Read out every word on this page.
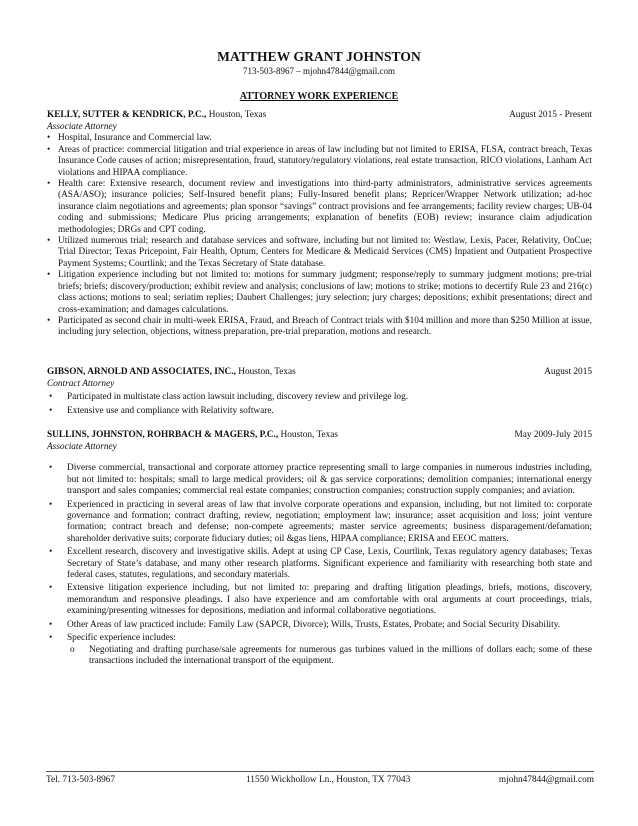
MATTHEW GRANT JOHNSTON
713-503-8967 – mjohn47844@gmail.com
ATTORNEY WORK EXPERIENCE
KELLY, SUTTER & KENDRICK, P.C., Houston, Texas	August 2015 - Present
Associate Attorney
• Hospital, Insurance and Commercial law.
• Areas of practice: commercial litigation and trial experience in areas of law including but not limited to ERISA, FLSA, contract breach, Texas Insurance Code causes of action; misrepresentation, fraud, statutory/regulatory violations, real estate transaction, RICO violations, Lanham Act violations and HIPAA compliance.
• Health care: Extensive research, document review and investigations into third-party administrators, administrative services agreements (ASA/ASO); insurance policies; Self-Insured benefit plans; Fully-Insured benefit plans; Repricer/Wrapper Network utilization; ad-hoc insurance claim negotiations and agreements; plan sponsor “savings” contract provisions and fee arrangements; facility review charges; UB-04 coding and submissions; Medicare Plus pricing arrangements; explanation of benefits (EOB) review; insurance claim adjudication methodologies; DRGs and CPT coding.
• Utilized numerous trial; research and database services and software, including but not limited to: Westlaw, Lexis, Pacer, Relativity, OnCue; Trial Director; Texas Pricepoint, Fair Health, Optum, Centers for Medicare & Medicaid Services (CMS) Inpatient and Outpatient Prospective Payment Systems; Courtlink; and the Texas Secretary of State database.
• Litigation experience including but not limited to: motions for summary judgment; response/reply to summary judgment motions; pre-trial briefs; briefs; discovery/production; exhibit review and analysis; conclusions of law; motions to strike; motions to decertify Rule 23 and 216(c) class actions; motions to seal; seriatim replies; Daubert Challenges; jury selection; jury charges; depositions; exhibit presentations; direct and cross-examination; and damages calculations.
• Participated as second chair in multi-week ERISA, Fraud, and Breach of Contract trials with $104 million and more than $250 Million at issue, including jury selection, objections, witness preparation, pre-trial preparation, motions and research.
GIBSON, ARNOLD AND ASSOCIATES, INC., Houston, Texas	August 2015
Contract Attorney
• Participated in multistate class action lawsuit including, discovery review and privilege log.
• Extensive use and compliance with Relativity software.
SULLINS, JOHNSTON, ROHRBACH & MAGERS, P.C., Houston, Texas	May 2009-July 2015
Associate Attorney
• Diverse commercial, transactional and corporate attorney practice representing small to large companies in numerous industries including, but not limited to: hospitals; small to large medical providers; oil & gas service corporations; demolition companies; international energy transport and sales companies; commercial real estate companies; construction companies; construction supply companies; and aviation.
• Experienced in practicing in several areas of law that involve corporate operations and expansion, including, but not limited to: corporate governance and formation; contract drafting, review, negotiation; employment law; insurance; asset acquisition and loss; joint venture formation; contract breach and defense; non-compete agreements; master service agreements; business disparagement/defamation; shareholder derivative suits; corporate fiduciary duties; oil &gas liens, HIPAA compliance; ERISA and EEOC matters.
• Excellent research, discovery and investigative skills. Adept at using CP Case, Lexis, Courtlink, Texas regulatory agency databases; Texas Secretary of State’s database, and many other research platforms. Significant experience and familiarity with researching both state and federal cases, statutes, regulations, and secondary materials.
• Extensive litigation experience including, but not limited to: preparing and drafting litigation pleadings, briefs, motions, discovery, memorandum and responsive pleadings. I also have experience and am comfortable with oral arguments at court proceedings, trials, examining/presenting witnesses for depositions, mediation and informal collaborative negotiations.
• Other Areas of law practiced include: Family Law (SAPCR, Divorce); Wills, Trusts, Estates, Probate; and Social Security Disability.
• Specific experience includes:
o Negotiating and drafting purchase/sale agreements for numerous gas turbines valued in the millions of dollars each; some of these transactions included the international transport of the equipment.
Tel. 713-503-8967	11550 Wickhollow Ln., Houston, TX 77043	mjohn47844@gmail.com
